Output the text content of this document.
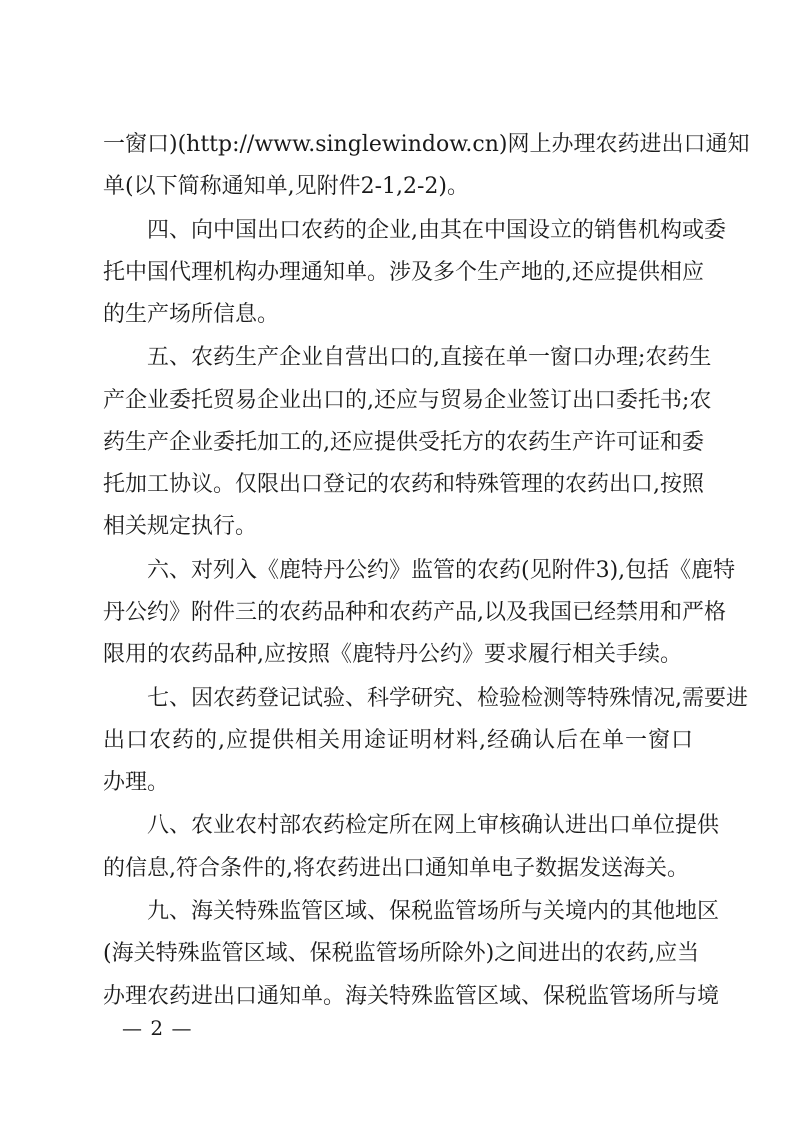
一窗口)(http://www.singlewindow.cn)网上办理农药进出口通知
单(以下简称通知单,见附件2-1,2-2)。
四、向中国出口农药的企业,由其在中国设立的销售机构或委
托中国代理机构办理通知单。涉及多个生产地的,还应提供相应
的生产场所信息。
五、农药生产企业自营出口的,直接在单一窗口办理;农药生
产企业委托贸易企业出口的,还应与贸易企业签订出口委托书;农
药生产企业委托加工的,还应提供受托方的农药生产许可证和委
托加工协议。仅限出口登记的农药和特殊管理的农药出口,按照
相关规定执行。
六、对列入《鹿特丹公约》监管的农药(见附件3),包括《鹿特
丹公约》附件三的农药品种和农药产品,以及我国已经禁用和严格
限用的农药品种,应按照《鹿特丹公约》要求履行相关手续。
七、因农药登记试验、科学研究、检验检测等特殊情况,需要进
出口农药的,应提供相关用途证明材料,经确认后在单一窗口
办理。
八、农业农村部农药检定所在网上审核确认进出口单位提供
的信息,符合条件的,将农药进出口通知单电子数据发送海关。
九、海关特殊监管区域、保税监管场所与关境内的其他地区
(海关特殊监管区域、保税监管场所除外)之间进出的农药,应当
办理农药进出口通知单。海关特殊监管区域、保税监管场所与境
— 2 —
